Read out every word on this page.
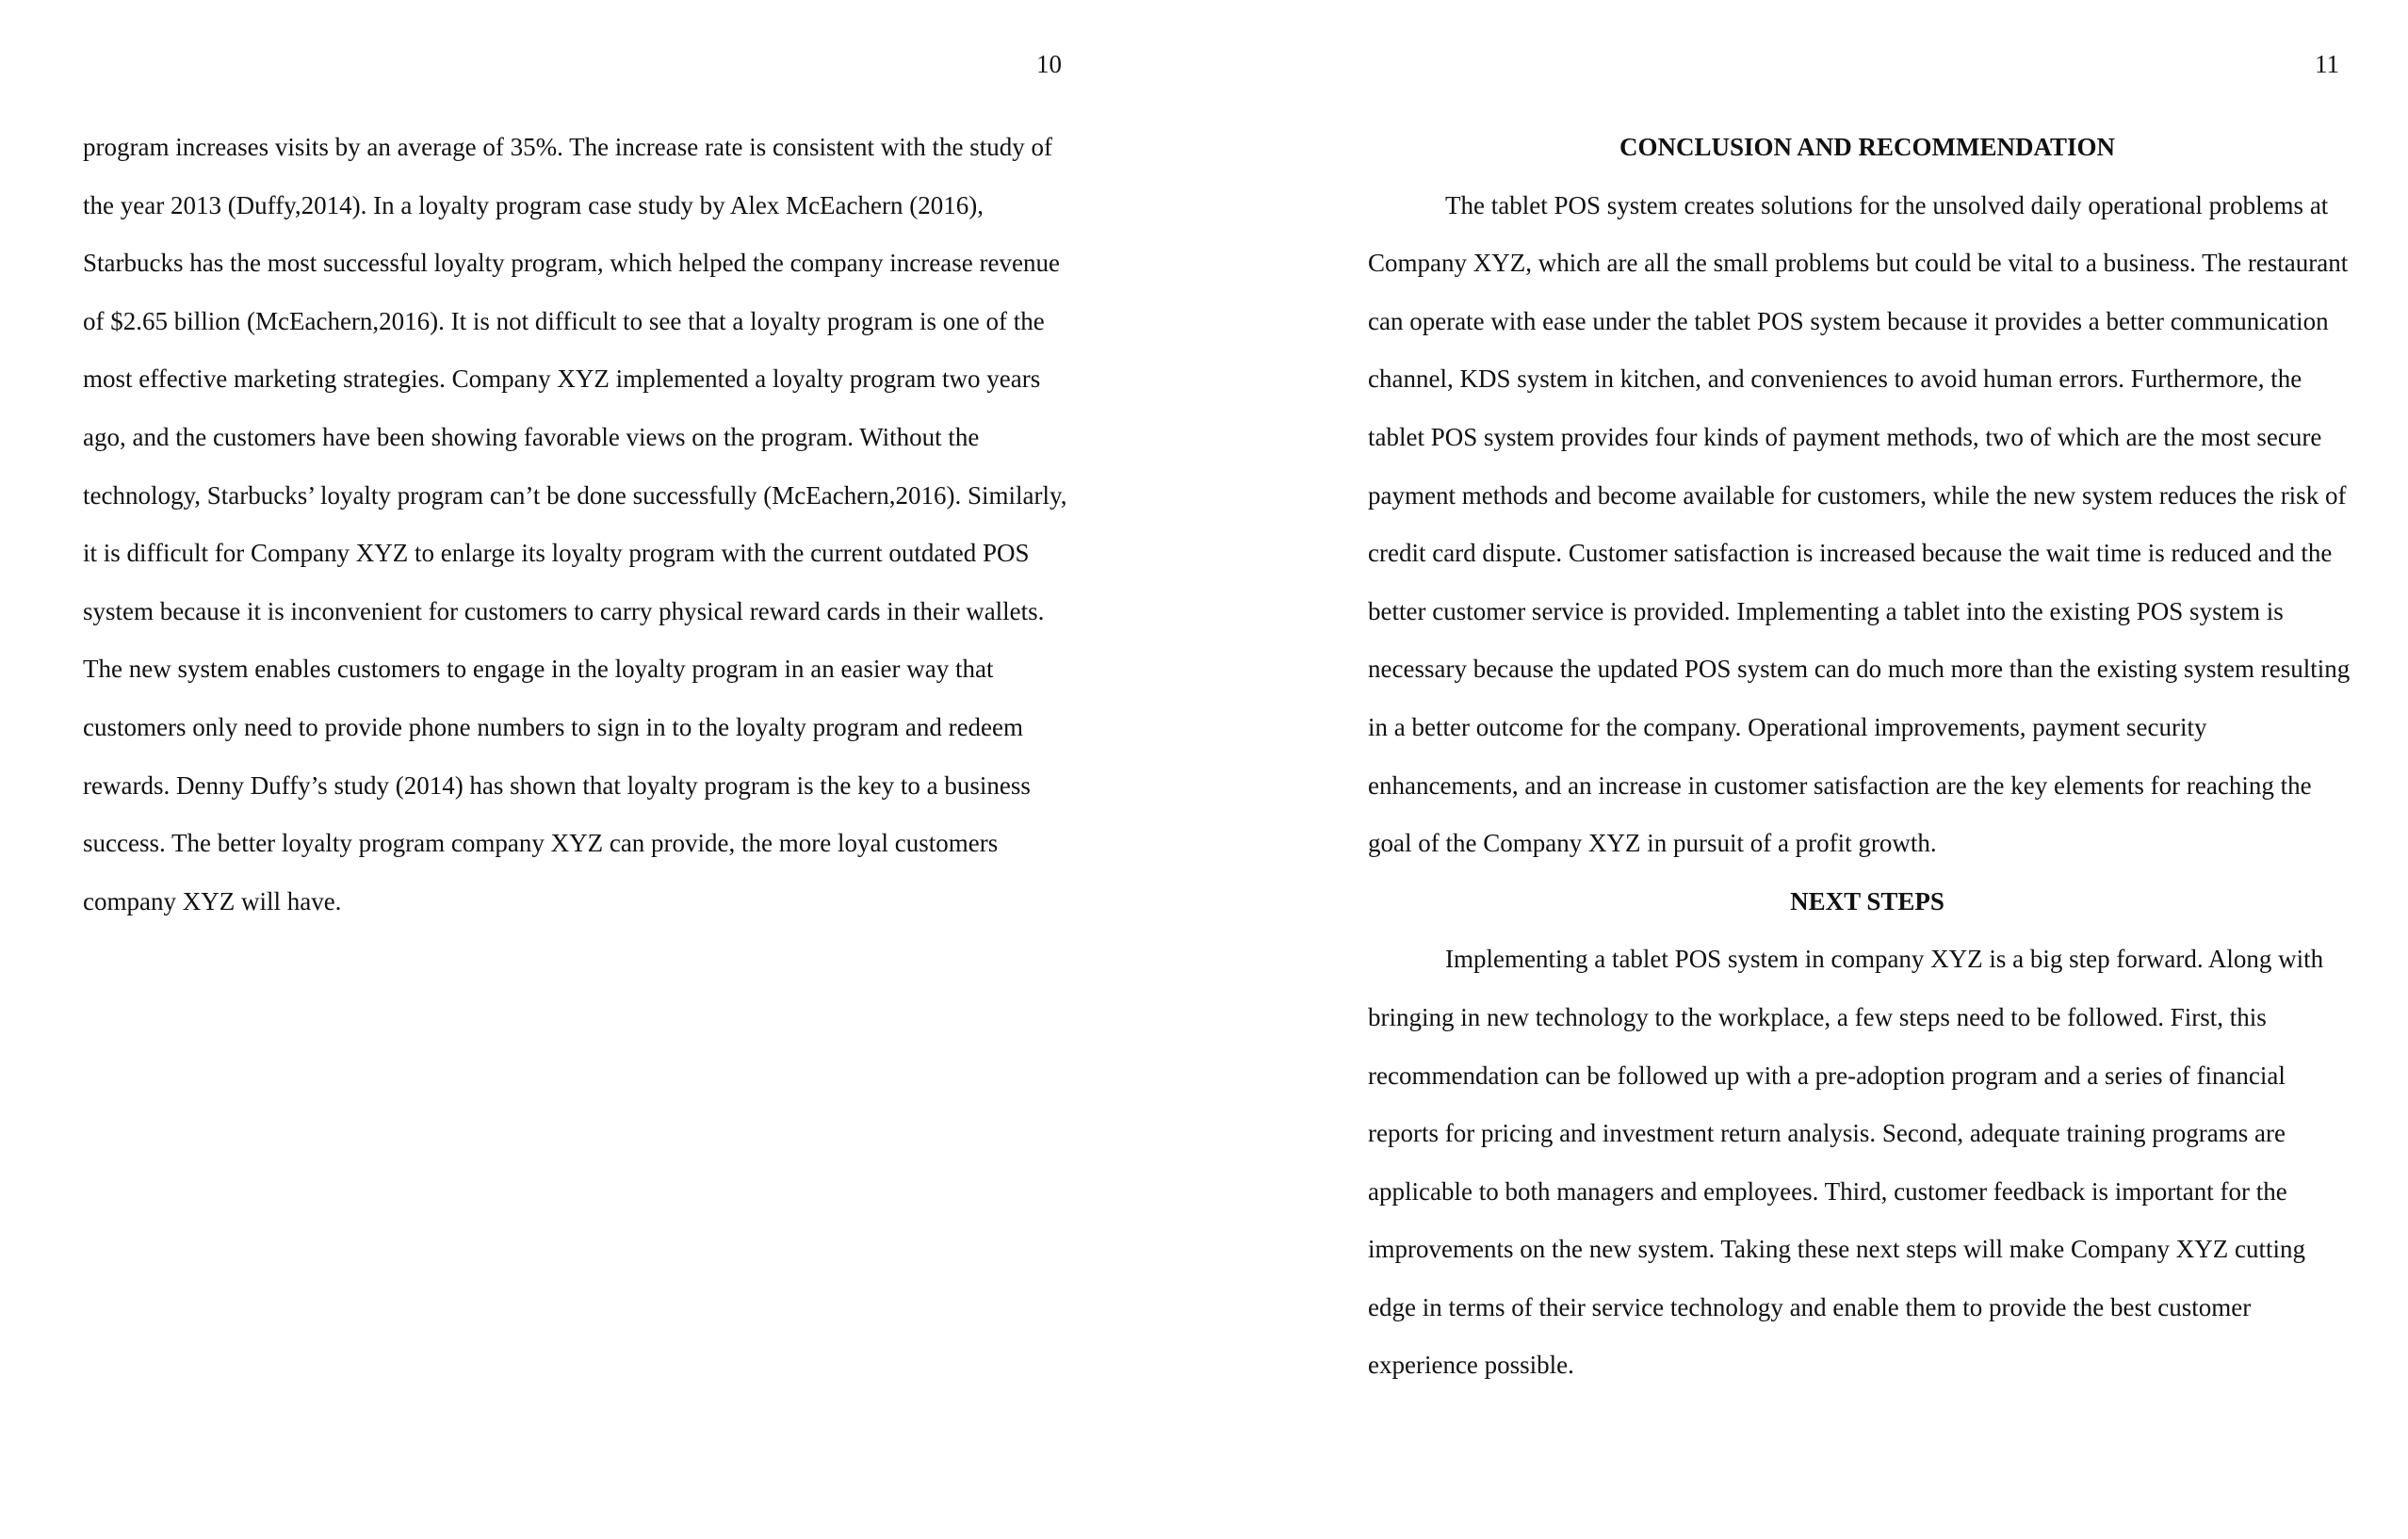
10
program increases visits by an average of 35%. The increase rate is consistent with the study of
the year 2013 (Duffy,2014). In a loyalty program case study by Alex McEachern (2016),
Starbucks has the most successful loyalty program, which helped the company increase revenue
of $2.65 billion (McEachern,2016). It is not difficult to see that a loyalty program is one of the
most effective marketing strategies. Company XYZ implemented a loyalty program two years
ago, and the customers have been showing favorable views on the program. Without the
technology, Starbucks’ loyalty program can’t be done successfully (McEachern,2016). Similarly,
it is difficult for Company XYZ to enlarge its loyalty program with the current outdated POS
system because it is inconvenient for customers to carry physical reward cards in their wallets.
The new system enables customers to engage in the loyalty program in an easier way that
customers only need to provide phone numbers to sign in to the loyalty program and redeem
rewards. Denny Duffy’s study (2014) has shown that loyalty program is the key to a business
success. The better loyalty program company XYZ can provide, the more loyal customers
company XYZ will have.
11
CONCLUSION AND RECOMMENDATION
The tablet POS system creates solutions for the unsolved daily operational problems at
Company XYZ, which are all the small problems but could be vital to a business. The restaurant
can operate with ease under the tablet POS system because it provides a better communication
channel, KDS system in kitchen, and conveniences to avoid human errors. Furthermore, the
tablet POS system provides four kinds of payment methods, two of which are the most secure
payment methods and become available for customers, while the new system reduces the risk of
credit card dispute. Customer satisfaction is increased because the wait time is reduced and the
better customer service is provided. Implementing a tablet into the existing POS system is
necessary because the updated POS system can do much more than the existing system resulting
in a better outcome for the company. Operational improvements, payment security
enhancements, and an increase in customer satisfaction are the key elements for reaching the
goal of the Company XYZ in pursuit of a profit growth.
NEXT STEPS
Implementing a tablet POS system in company XYZ is a big step forward. Along with
bringing in new technology to the workplace, a few steps need to be followed. First, this
recommendation can be followed up with a pre-adoption program and a series of financial
reports for pricing and investment return analysis. Second, adequate training programs are
applicable to both managers and employees. Third, customer feedback is important for the
improvements on the new system. Taking these next steps will make Company XYZ cutting
edge in terms of their service technology and enable them to provide the best customer
experience possible.
